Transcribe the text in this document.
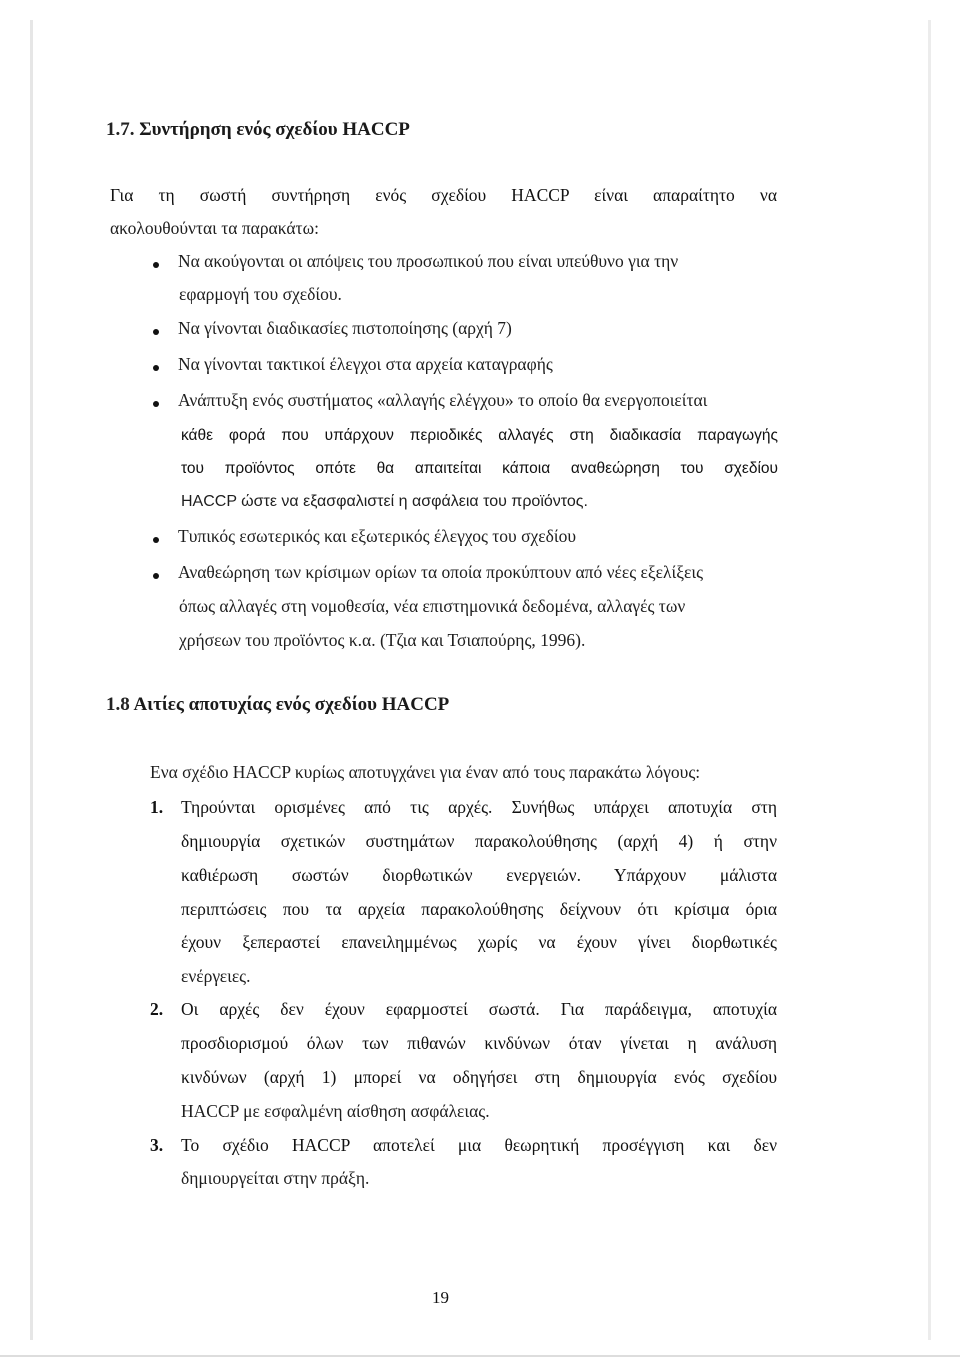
1.7. Συντήρηση ενός σχεδίου HACCP
Για τη σωστή συντήρηση ενός σχεδίου HACCP είναι απαραίτητο να
ακολουθούνται τα παρακάτω:
Να ακούγονται οι απόψεις του προσωπικού που είναι υπεύθυνο για την
εφαρμογή του σχεδίου.
Να γίνονται διαδικασίες πιστοποίησης (αρχή 7)
Να γίνονται τακτικοί έλεγχοι στα αρχεία καταγραφής
Ανάπτυξη ενός συστήματος «αλλαγής ελέγχου» το οποίο θα ενεργοποιείται
κάθε φορά που υπάρχουν περιοδικές αλλαγές στη διαδικασία παραγωγής
του προϊόντος οπότε θα απαιτείται κάποια αναθεώρηση του σχεδίου
HACCP ώστε να εξασφαλιστεί η ασφάλεια του προϊόντος.
Τυπικός εσωτερικός και εξωτερικός έλεγχος του σχεδίου
Αναθεώρηση των κρίσιμων ορίων τα οποία προκύπτουν από νέες εξελίξεις
όπως αλλαγές στη νομοθεσία, νέα επιστημονικά δεδομένα, αλλαγές των
χρήσεων του προϊόντος κ.α. (Τζια και Τσιαπούρης, 1996).
1.8 Αιτίες αποτυχίας ενός σχεδίου HACCP
Ενα σχέδιο HACCP κυρίως αποτυγχάνει για έναν από τους παρακάτω λόγους:
1. Τηρούνται ορισμένες από τις αρχές. Συνήθως υπάρχει αποτυχία στη
δημιουργία σχετικών συστημάτων παρακολούθησης (αρχή 4) ή στην
καθιέρωση σωστών διορθωτικών ενεργειών. Υπάρχουν μάλιστα
περιπτώσεις που τα αρχεία παρακολούθησης δείχνουν ότι κρίσιμα όρια
έχουν ξεπεραστεί επανειλημμένως χωρίς να έχουν γίνει διορθωτικές
ενέργειες.
2. Οι αρχές δεν έχουν εφαρμοστεί σωστά. Για παράδειγμα, αποτυχία
προσδιορισμού όλων των πιθανών κινδύνων όταν γίνεται η ανάλυση
κινδύνων (αρχή 1) μπορεί να οδηγήσει στη δημιουργία ενός σχεδίου
HACCP με εσφαλμένη αίσθηση ασφάλειας.
3. Το σχέδιο HACCP αποτελεί μια θεωρητική προσέγγιση και δεν
δημιουργείται στην πράξη.
19
